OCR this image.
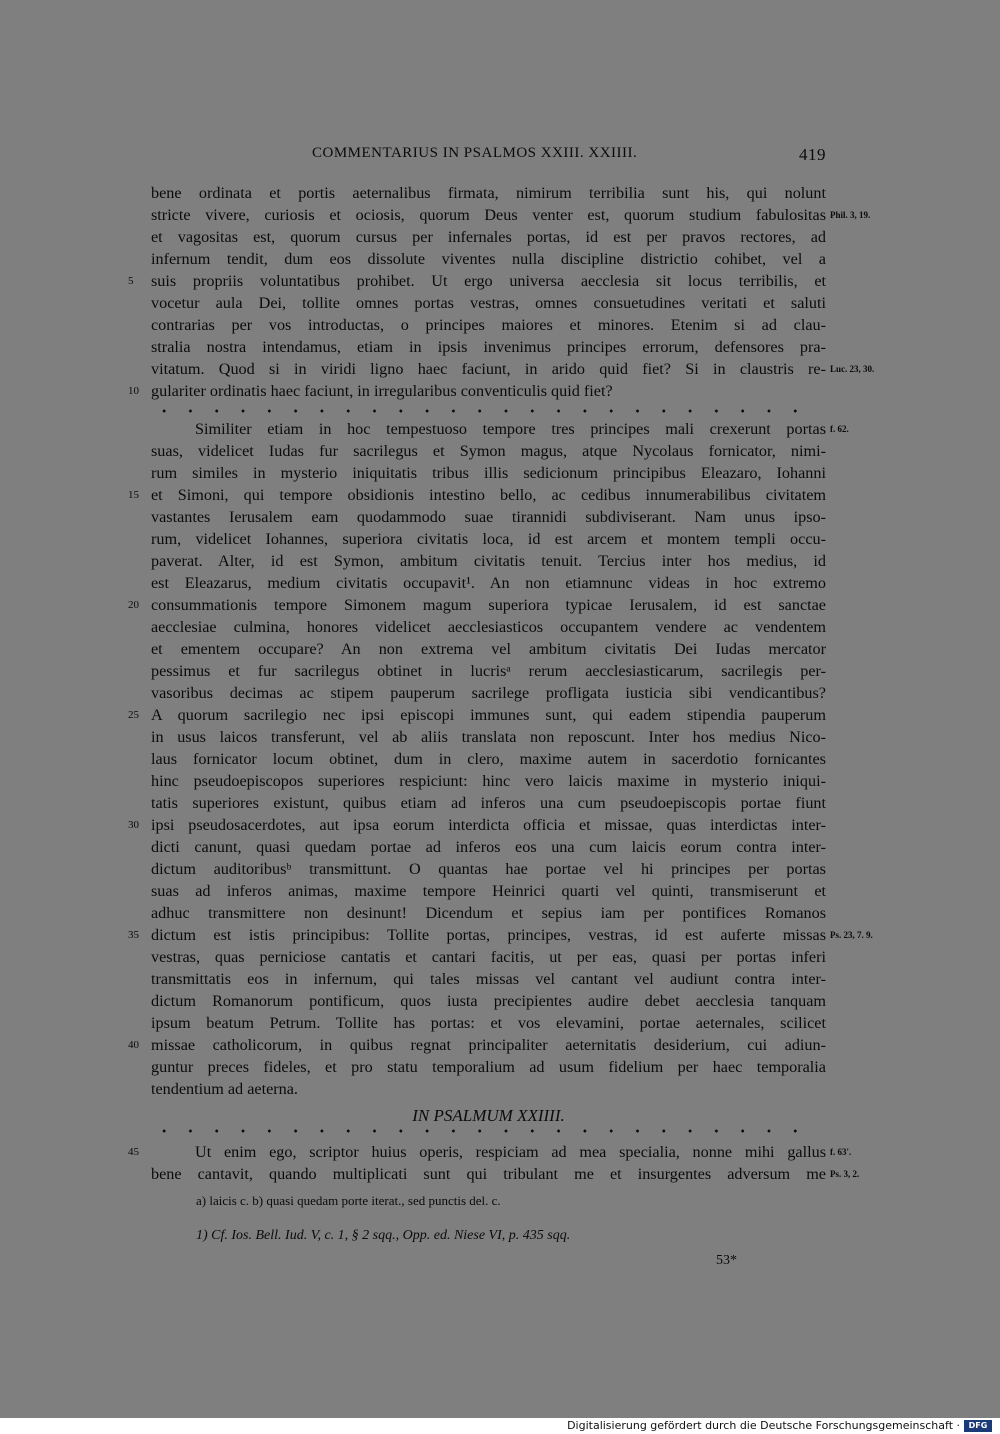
COMMENTARIUS IN PSALMOS XXIII. XXIIII.	419
bene ordinata et portis aeternalibus firmata, nimirum terribilia sunt his, qui nolunt
stricte vivere, curiosis et ociosis, quorum Deus venter est, quorum studium fabulositas
et vagositas est, quorum cursus per infernales portas, id est per pravos rectores, ad
infernum tendit, dum eos dissolute viventes nulla discipline districtio cohibet, vel a
suis propriis voluntatibus prohibet. Ut ergo universa aecclesia sit locus terribilis, et
vocetur aula Dei, tollite omnes portas vestras, omnes consuetudines veritati et saluti
contrarias per vos introductas, o principes maiores et minores. Etenim si ad clau-
stralia nostra intendamus, etiam in ipsis invenimus principes errorum, defensores pra-
vitatum. Quod si in viridi ligno haec faciunt, in arido quid fiet? Si in claustris re-
gulariter ordinatis haec faciunt, in irregularibus conventiculis quid fiet?
Similiter etiam in hoc tempestuoso tempore tres principes mali crexerunt portas
suas, videlicet Iudas fur sacrilegus et Symon magus, atque Nycolaus fornicator, nimi-
rum similes in mysterio iniquitatis tribus illis sedicionum principibus Eleazaro, Iohanni
et Simoni, qui tempore obsidionis intestino bello, ac cedibus innumerabilibus civitatem
vastantes Ierusalem eam quodammodo suae tirannidi subdiviserant. Nam unus ipso-
rum, videlicet Iohannes, superiora civitatis loca, id est arcem et montem templi occu-
paverat. Alter, id est Symon, ambitum civitatis tenuit. Tercius inter hos medius, id
est Eleazarus, medium civitatis occupavit¹. An non etiamnunc videas in hoc extremo
consummationis tempore Simonem magum superiora typicae Ierusalem, id est sanctae
aecclesiae culmina, honores videlicet aecclesiasticos occupantem vendere ac vendentem
et ementem occupare? An non extrema vel ambitum civitatis Dei Iudas mercator
pessimus et fur sacrilegus obtinet in lucrisᵃ rerum aecclesiasticarum, sacrilegis per-
vasoribus decimas ac stipem pauperum sacrilege profligata iusticia sibi vendicantibus?
A quorum sacrilegio nec ipsi episcopi immunes sunt, qui eadem stipendia pauperum
in usus laicos transferunt, vel ab aliis translata non reposcunt. Inter hos medius Nico-
laus fornicator locum obtinet, dum in clero, maxime autem in sacerdotio fornicantes
hinc pseudoepiscopos superiores respiciunt: hinc vero laicis maxime in mysterio iniqui-
tatis superiores existunt, quibus etiam ad inferos una cum pseudoepiscopis portae fiunt
ipsi pseudosacerdotes, aut ipsa eorum interdicta officia et missae, quas interdictas inter-
dicti canunt, quasi quedam portae ad inferos eos una cum laicis eorum contra inter-
dictum auditoribusᵇ transmittunt. O quantas hae portae vel hi principes per portas
suas ad inferos animas, maxime tempore Heinrici quarti vel quinti, transmiserunt et
adhuc transmittere non desinunt! Dicendum et sepius iam per pontifices Romanos
dictum est istis principibus: Tollite portas, principes, vestras, id est auferte missas
vestras, quas perniciose cantatis et cantari facitis, ut per eas, quasi per portas inferi
transmittatis eos in infernum, qui tales missas vel cantant vel audiunt contra inter-
dictum Romanorum pontificum, quos iusta precipientes audire debet aecclesia tanquam
ipsum beatum Petrum. Tollite has portas: et vos elevamini, portae aeternales, scilicet
missae catholicorum, in quibus regnat principaliter aeternitatis desiderium, cui adiun-
guntur preces fideles, et pro statu temporalium ad usum fidelium per haec temporalia
tendentium ad aeterna.
IN PSALMUM XXIIII.
Ut enim ego, scriptor huius operis, respiciam ad mea specialia, nonne mihi gallus
bene cantavit, quando multiplicati sunt qui tribulant me et insurgentes adversum me
5
10
15
20
25
30
35
40
45
Phil. 3, 19.
Luc. 23, 30.
f. 62.
Ps. 23, 7. 9.
f. 63'.
Ps. 3, 2.
a) laicis c. b) quasi quedam porte iterat., sed punctis del. c.
1) Cf. Ios. Bell. Iud. V, c. 1, § 2 sqq., Opp. ed. Niese VI, p. 435 sqq.
53*
Digitalisierung gefördert durch die Deutsche Forschungsgemeinschaft ·	DFG
